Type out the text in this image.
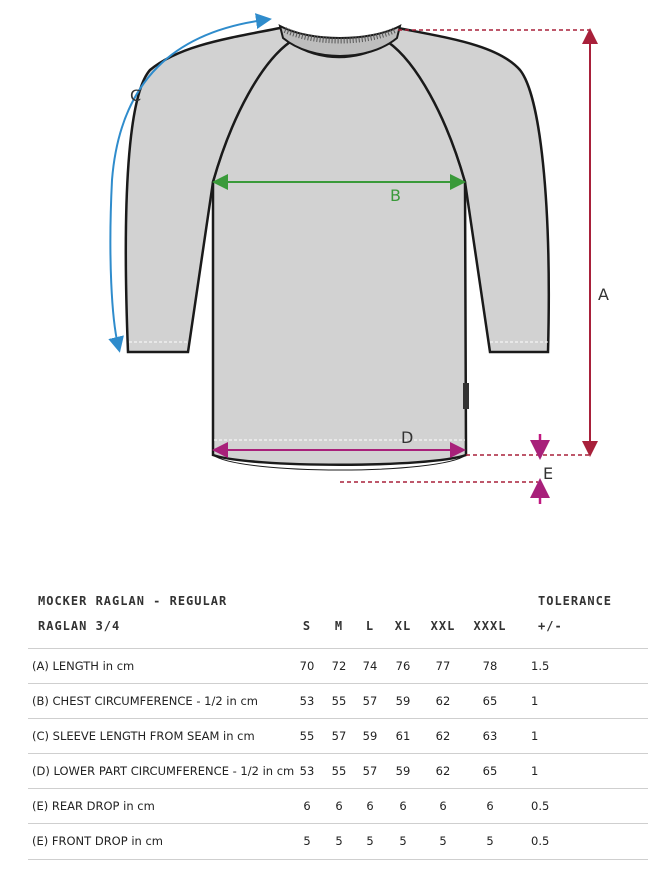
A
B
C
D
E
MOCKER RAGLAN - REGULAR
RAGLAN 3/4
TOLERANCE
+/-
S	M	L	XL	XXL	XXXL
(A) LENGTH in cm	70	72	74	76	77	78	1.5
(B) CHEST CIRCUMFERENCE - 1/2 in cm	53	55	57	59	62	65	1
(C) SLEEVE LENGTH FROM SEAM in cm	55	57	59	61	62	63	1
(D) LOWER PART CIRCUMFERENCE - 1/2 in cm 53	55	57	59	62	65	1
(E) REAR DROP in cm	6	6	6	6	6	6	0.5
(E) FRONT DROP in cm	5	5	5	5	5	5	0.5
